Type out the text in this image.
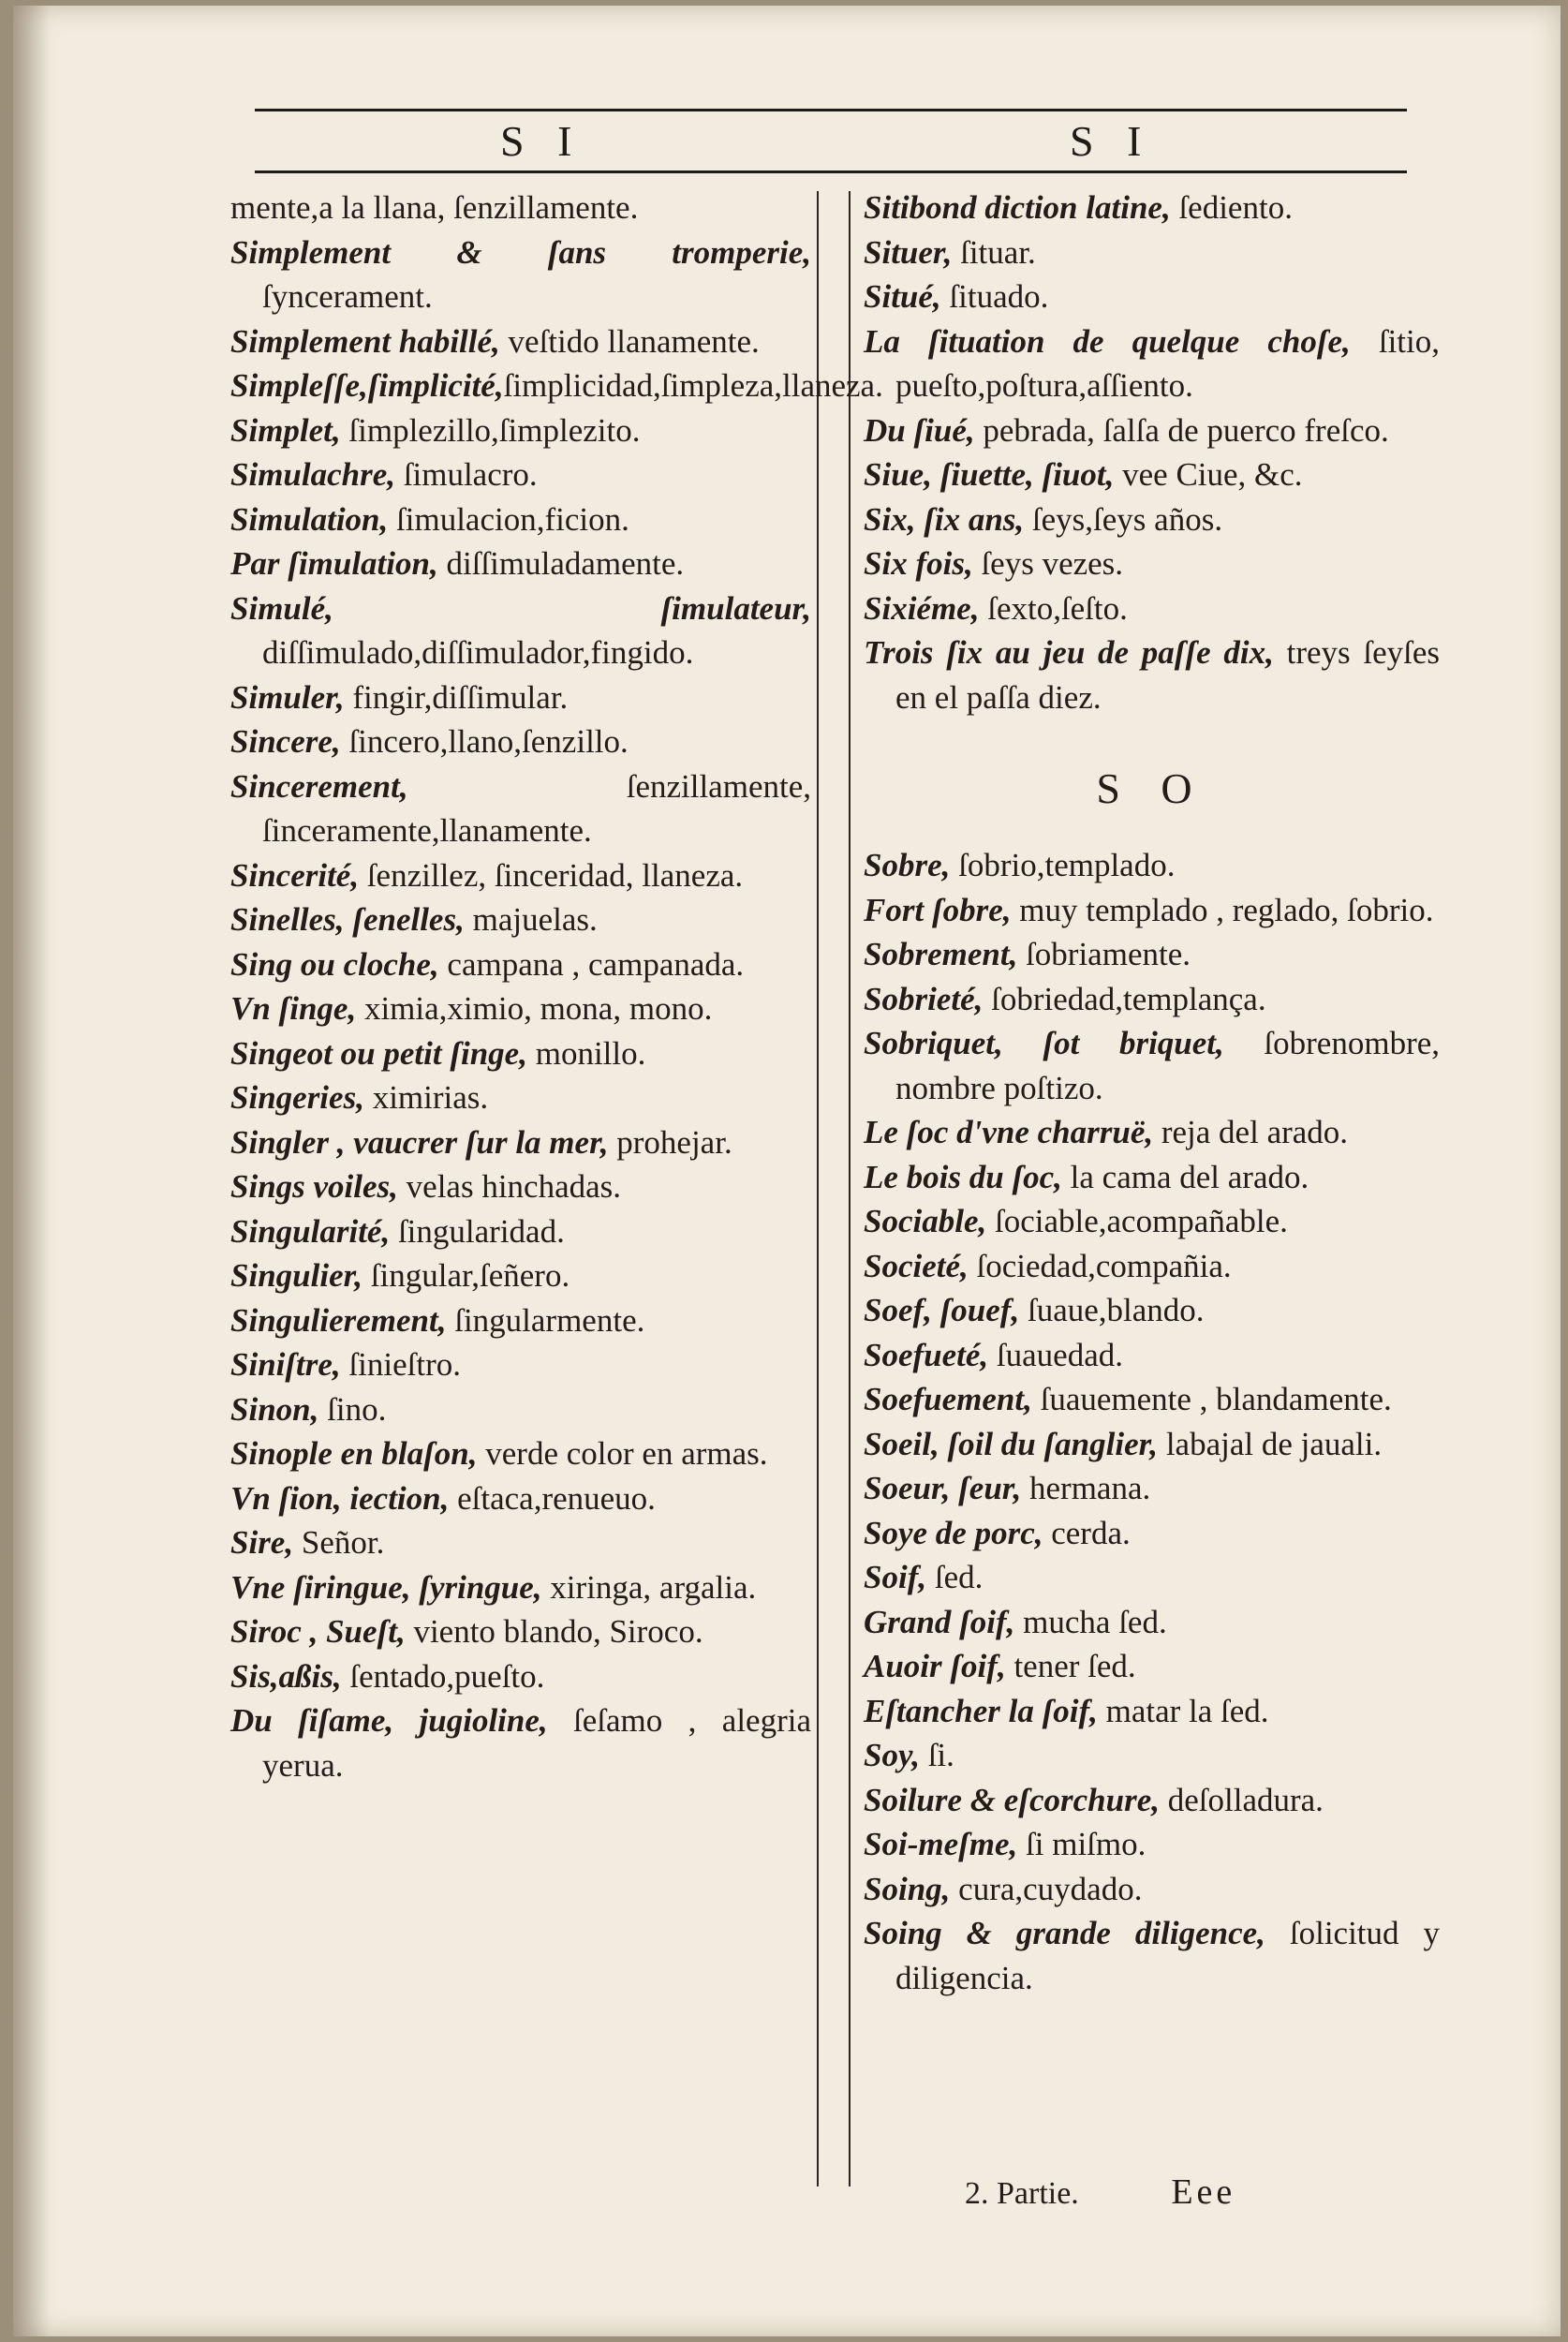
S I	S I
mente,a la llana, ſenzillamente.
Simplement & ſans tromperie, ſyncerament.
Simplement habillé, veſtido llanamente.
Simpleſſe,ſimplicité,ſimplicidad,ſimpleza,llaneza.
Simplet, ſimplezillo,ſimplezito.
Simulachre, ſimulacro.
Simulation, ſimulacion,ficion.
Par ſimulation, diſſimuladamente.
Simulé, ſimulateur, diſſimulado,diſſimulador,fingido.
Simuler, fingir,diſſimular.
Sincere, ſincero,llano,ſenzillo.
Sincerement, ſenzillamente, ſinceramente,llanamente.
Sincerité, ſenzillez, ſinceridad, llaneza.
Sinelles, ſenelles, majuelas.
Sing ou cloche, campana , campanada.
Vn ſinge, ximia,ximio, mona, mono.
Singeot ou petit ſinge, monillo.
Singeries, ximirias.
Singler , vaucrer ſur la mer, prohejar.
Sings voiles, velas hinchadas.
Singularité, ſingularidad.
Singulier, ſingular,ſeñero.
Singulierement, ſingularmente.
Siniſtre, ſinieſtro.
Sinon, ſino.
Sinople en blaſon, verde color en armas.
Vn ſion, iection, eſtaca,renueuo.
Sire, Señor.
Vne ſiringue, ſyringue, xiringa, argalia.
Siroc , Sueſt, viento blando, Siroco.
Sis,aßis, ſentado,pueſto.
Du ſiſame, jugioline, ſeſamo , alegria yerua.
Sitibond diction latine, ſediento.
Situer, ſituar.
Situé, ſituado.
La ſituation de quelque choſe, ſitio, pueſto,poſtura,aſſiento.
Du ſiué, pebrada, ſalſa de puerco freſco.
Siue, ſiuette, ſiuot, vee Ciue, &c.
Six, ſix ans, ſeys,ſeys años.
Six fois, ſeys vezes.
Sixiéme, ſexto,ſeſto.
Trois ſix au jeu de paſſe dix, treys ſeyſes en el paſſa diez.
S O
Sobre, ſobrio,templado.
Fort ſobre, muy templado , reglado, ſobrio.
Sobrement, ſobriamente.
Sobrieté, ſobriedad,templança.
Sobriquet, ſot briquet, ſobrenombre, nombre poſtizo.
Le ſoc d'vne charruë, reja del arado.
Le bois du ſoc, la cama del arado.
Sociable, ſociable,acompañable.
Societé, ſociedad,compañia.
Soef, ſouef, ſuaue,blando.
Soefueté, ſuauedad.
Soefuement, ſuauemente , blandamente.
Soeil, ſoil du ſanglier, labajal de jauali.
Soeur, ſeur, hermana.
Soye de porc, cerda.
Soif, ſed.
Grand ſoif, mucha ſed.
Auoir ſoif, tener ſed.
Eſtancher la ſoif, matar la ſed.
Soy, ſi.
Soilure & eſcorchure, deſolladura.
Soi-meſme, ſi miſmo.
Soing, cura,cuydado.
Soing & grande diligence, ſolicitud y diligencia.
2. Partie.	Eee
